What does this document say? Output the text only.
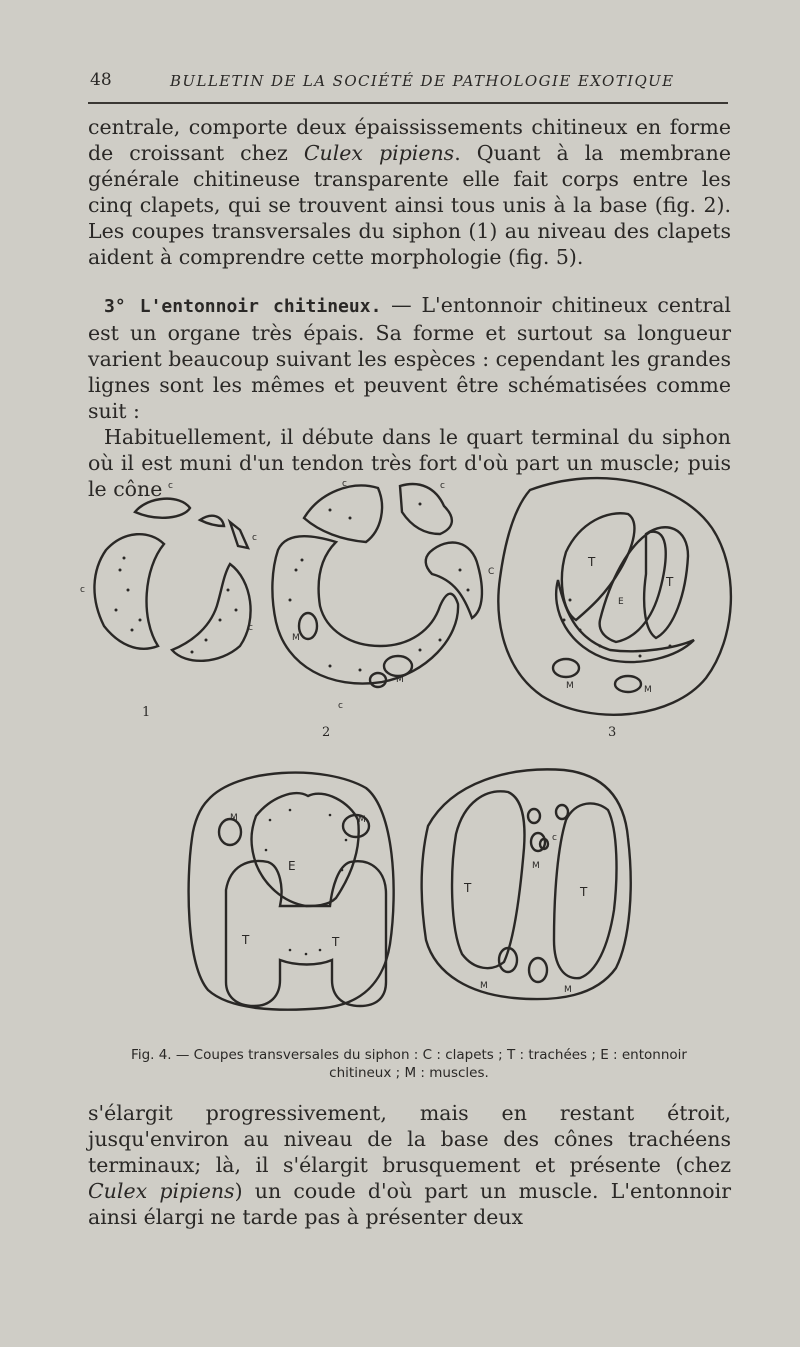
48	BULLETIN DE LA SOCIÉTÉ DE PATHOLOGIE EXOTIQUE

centrale, comporte deux épaississements chitineux en forme de croissant chez Culex pipiens. Quant à la membrane générale chitineuse transparente elle fait corps entre les cinq clapets, qui se trouvent ainsi tous unis à la base (fig. 2). Les coupes transversales du siphon (1) au niveau des clapets aident à comprendre cette morphologie (fig. 5).

3° L'entonnoir chitineux. — L'entonnoir chitineux central est un organe très épais. Sa forme et surtout sa longueur varient beaucoup suivant les espèces : cependant les grandes lignes sont les mêmes et peuvent être schématisées comme suit :

Habituellement, il débute dans le quart terminal du siphon où il est muni d'un tendon très fort d'où part un muscle; puis le cône c
c
c
c
c	c
C
c
M
M
T
T
E
M	M
E
T	T
M	M
T	T
c
M
M	M
1
2	3
Fig. 4. — Coupes transversales du siphon : C : clapets ; T : trachées ; E : entonnoir
chitineux ; M : muscles.

s'élargit progressivement, mais en restant étroit, jusqu'environ au niveau de la base des cônes trachéens terminaux; là, il s'élargit brusquement et présente (chez Culex pipiens) un coude d'où part un muscle. L'entonnoir ainsi élargi ne tarde pas à présenter deux
